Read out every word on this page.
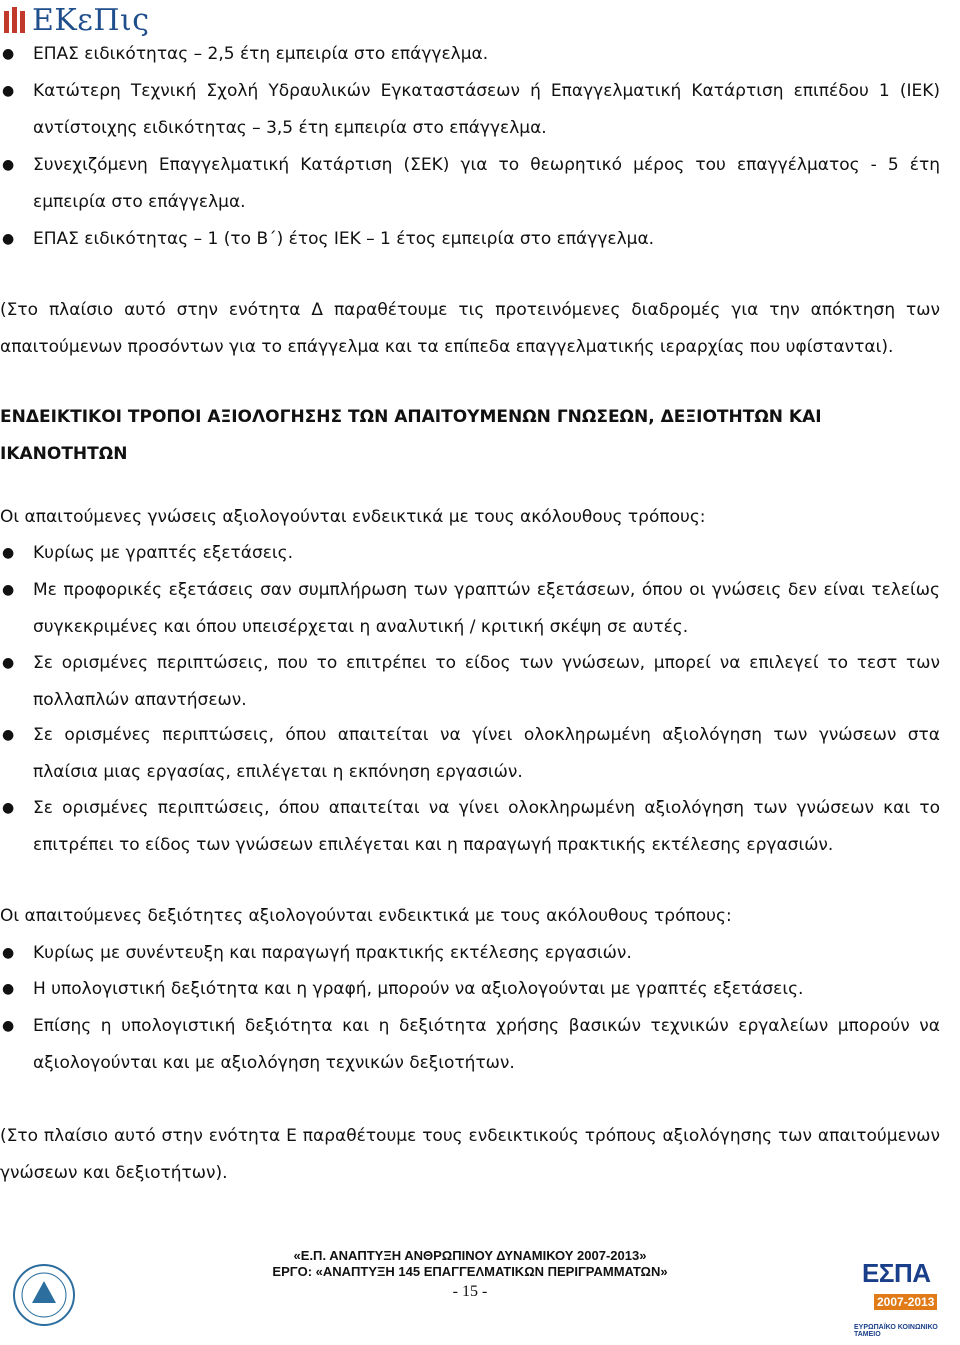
ΕΚεΠις
● ΕΠΑΣ ειδικότητας – 2,5 έτη εμπειρία στο επάγγελμα.
● Κατώτερη Τεχνική Σχολή Υδραυλικών Εγκαταστάσεων ή Επαγγελματική Κατάρτιση επιπέδου 1 (ΙΕΚ) αντίστοιχης ειδικότητας – 3,5 έτη εμπειρία στο επάγγελμα.
● Συνεχιζόμενη Επαγγελματική Κατάρτιση (ΣΕΚ) για το θεωρητικό μέρος του επαγγέλματος - 5 έτη εμπειρία στο επάγγελμα.
● ΕΠΑΣ ειδικότητας – 1 (το Β΄) έτος ΙΕΚ – 1 έτος εμπειρία στο επάγγελμα.
(Στο πλαίσιο αυτό στην ενότητα Δ παραθέτουμε τις προτεινόμενες διαδρομές για την απόκτηση των απαιτούμενων προσόντων για το επάγγελμα και τα επίπεδα επαγγελματικής ιεραρχίας που υφίστανται).
ΕΝΔΕΙΚΤΙΚΟΙ ΤΡΟΠΟΙ ΑΞΙΟΛΟΓΗΣΗΣ ΤΩΝ ΑΠΑΙΤΟΥΜΕΝΩΝ ΓΝΩΣΕΩΝ, ΔΕΞΙΟΤΗΤΩΝ ΚΑΙ ΙΚΑΝΟΤΗΤΩΝ
Οι απαιτούμενες γνώσεις αξιολογούνται ενδεικτικά με τους ακόλουθους τρόπους:
● Κυρίως με γραπτές εξετάσεις.
● Με προφορικές εξετάσεις σαν συμπλήρωση των γραπτών εξετάσεων, όπου οι γνώσεις δεν είναι τελείως συγκεκριμένες και όπου υπεισέρχεται η αναλυτική / κριτική σκέψη σε αυτές.
● Σε ορισμένες περιπτώσεις, που το επιτρέπει το είδος των γνώσεων, μπορεί να επιλεγεί το τεστ των πολλαπλών απαντήσεων.
● Σε ορισμένες περιπτώσεις, όπου απαιτείται να γίνει ολοκληρωμένη αξιολόγηση των γνώσεων στα πλαίσια μιας εργασίας, επιλέγεται η εκπόνηση εργασιών.
● Σε ορισμένες περιπτώσεις, όπου απαιτείται να γίνει ολοκληρωμένη αξιολόγηση των γνώσεων και το επιτρέπει το είδος των γνώσεων επιλέγεται και η παραγωγή πρακτικής εκτέλεσης εργασιών.
Οι απαιτούμενες δεξιότητες αξιολογούνται ενδεικτικά με τους ακόλουθους τρόπους:
● Κυρίως με συνέντευξη και παραγωγή πρακτικής εκτέλεσης εργασιών.
● Η υπολογιστική δεξιότητα και η γραφή, μπορούν να αξιολογούνται με γραπτές εξετάσεις.
● Επίσης η υπολογιστική δεξιότητα και η δεξιότητα χρήσης βασικών τεχνικών εργαλείων μπορούν να αξιολογούνται και με αξιολόγηση τεχνικών δεξιοτήτων.
(Στο πλαίσιο αυτό στην ενότητα Ε παραθέτουμε τους ενδεικτικούς τρόπους αξιολόγησης των απαιτούμενων γνώσεων και δεξιοτήτων).
«Ε.Π. ΑΝΑΠΤΥΞΗ ΑΝΘΡΩΠΙΝΟΥ ΔΥΝΑΜΙΚΟΥ 2007-2013»
ΕΡΓΟ: «ΑΝΑΠΤΥΞΗ 145 ΕΠΑΓΓΕΛΜΑΤΙΚΩΝ ΠΕΡΙΓΡΑΜΜΑΤΩΝ»
- 15 -
ΕΣΠΑ
2007-2013
ΕΥΡΩΠΑΪΚΟ ΚΟΙΝΩΝΙΚΟ ΤΑΜΕΙΟ
